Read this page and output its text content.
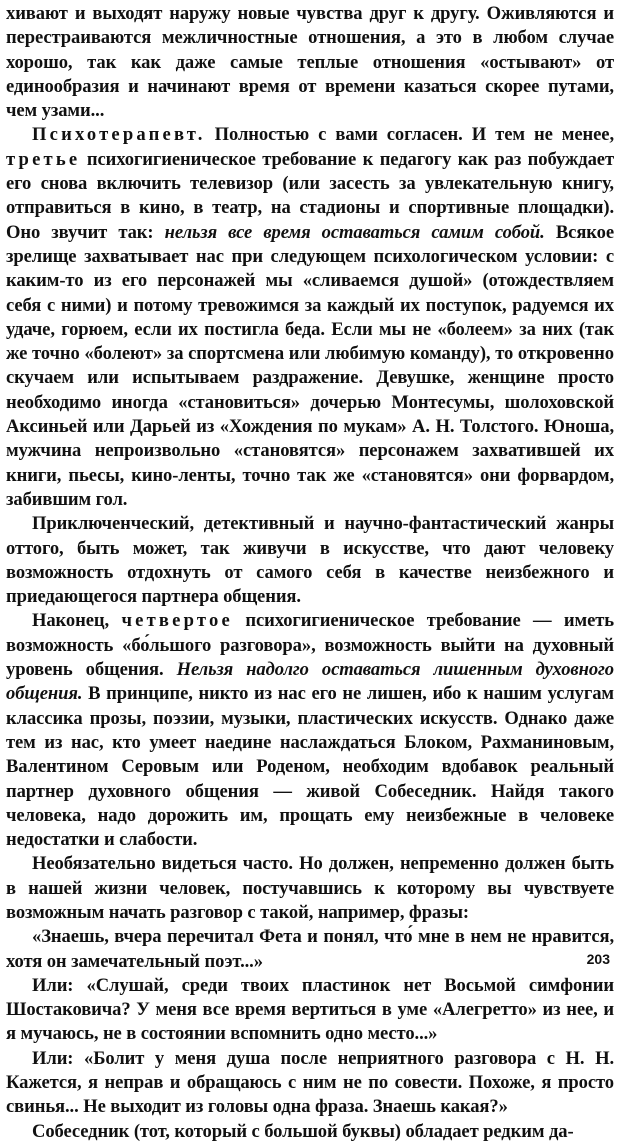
хивают и выходят наружу новые чувства друг к другу. Оживляются и перестраиваются межличностные отношения, а это в любом случае хорошо, так как даже самые теплые отношения «остывают» от единообразия и начинают время от времени казаться скорее путами, чем узами...

Психотерапевт. Полностью с вами согласен. И тем не менее, третье психогигиеническое требование к педагогу как раз побуждает его снова включить телевизор (или засесть за увлекательную книгу, отправиться в кино, в театр, на стадионы и спортивные площадки). Оно звучит так: нельзя все время оставаться самим собой. Всякое зрелище захватывает нас при следующем психологическом условии: с каким-то из его персонажей мы «сливаемся душой» (отождествляем себя с ними) и потому тревожимся за каждый их поступок, радуемся их удаче, горюем, если их постигла беда. Если мы не «болеем» за них (так же точно «болеют» за спортсмена или любимую команду), то откровенно скучаем или испытываем раздражение. Девушке, женщине просто необходимо иногда «становиться» дочерью Монтесумы, шолоховской Аксиньей или Дарьей из «Хождения по мукам» А. Н. Толстого. Юноша, мужчина непроизвольно «становятся» персонажем захватившей их книги, пьесы, кинo-ленты, точно так же «становятся» они форвардом, забившим гол.

Приключенческий, детективный и научно-фантастический жанры оттого, быть может, так живучи в искусстве, что дают человеку возможность отдохнуть от самого себя в качестве неизбежного и приедающегося партнера общения.

Наконец, четвертое психогигиеническое требование — иметь возможность «бо́льшого разговора», возможность выйти на духовный уровень общения. Нельзя надолго оставаться лишенным духовного общения. В принципе, никто из нас его не лишен, ибо к нашим услугам классика прозы, поэзии, музыки, пластических искусств. Однако даже тем из нас, кто умеет наедине наслаждаться Блоком, Рахманиновым, Валентином Серовым или Роденом, необходим вдобавок реальный партнер духовного общения — живой Собеседник. Найдя такого человека, надо дорожить им, прощать ему неизбежные в человеке недостатки и слабости.

Необязательно видеться часто. Но должен, непременно должен быть в нашей жизни человек, постучавшись к которому вы чувствуете возможным начать разговор с такой, например, фразы:

«Знаешь, вчера перечитал Фета и понял, что́ мне в нем не нравится, хотя он замечательный поэт...»

Или: «Слушай, среди твоих пластинок нет Восьмой симфонии Шостаковича? У меня все время вертиться в уме «Алегретто» из нее, и я мучаюсь, не в состоянии вспомнить одно место...»

Или: «Болит у меня душа после неприятного разговора с Н. Н. Кажется, я неправ и обращаюсь с ним не по совести. Похоже, я просто свинья... Не выходит из головы одна фраза. Знаешь какая?»

Собеседник (тот, который с большой буквы) обладает редким да-

203
